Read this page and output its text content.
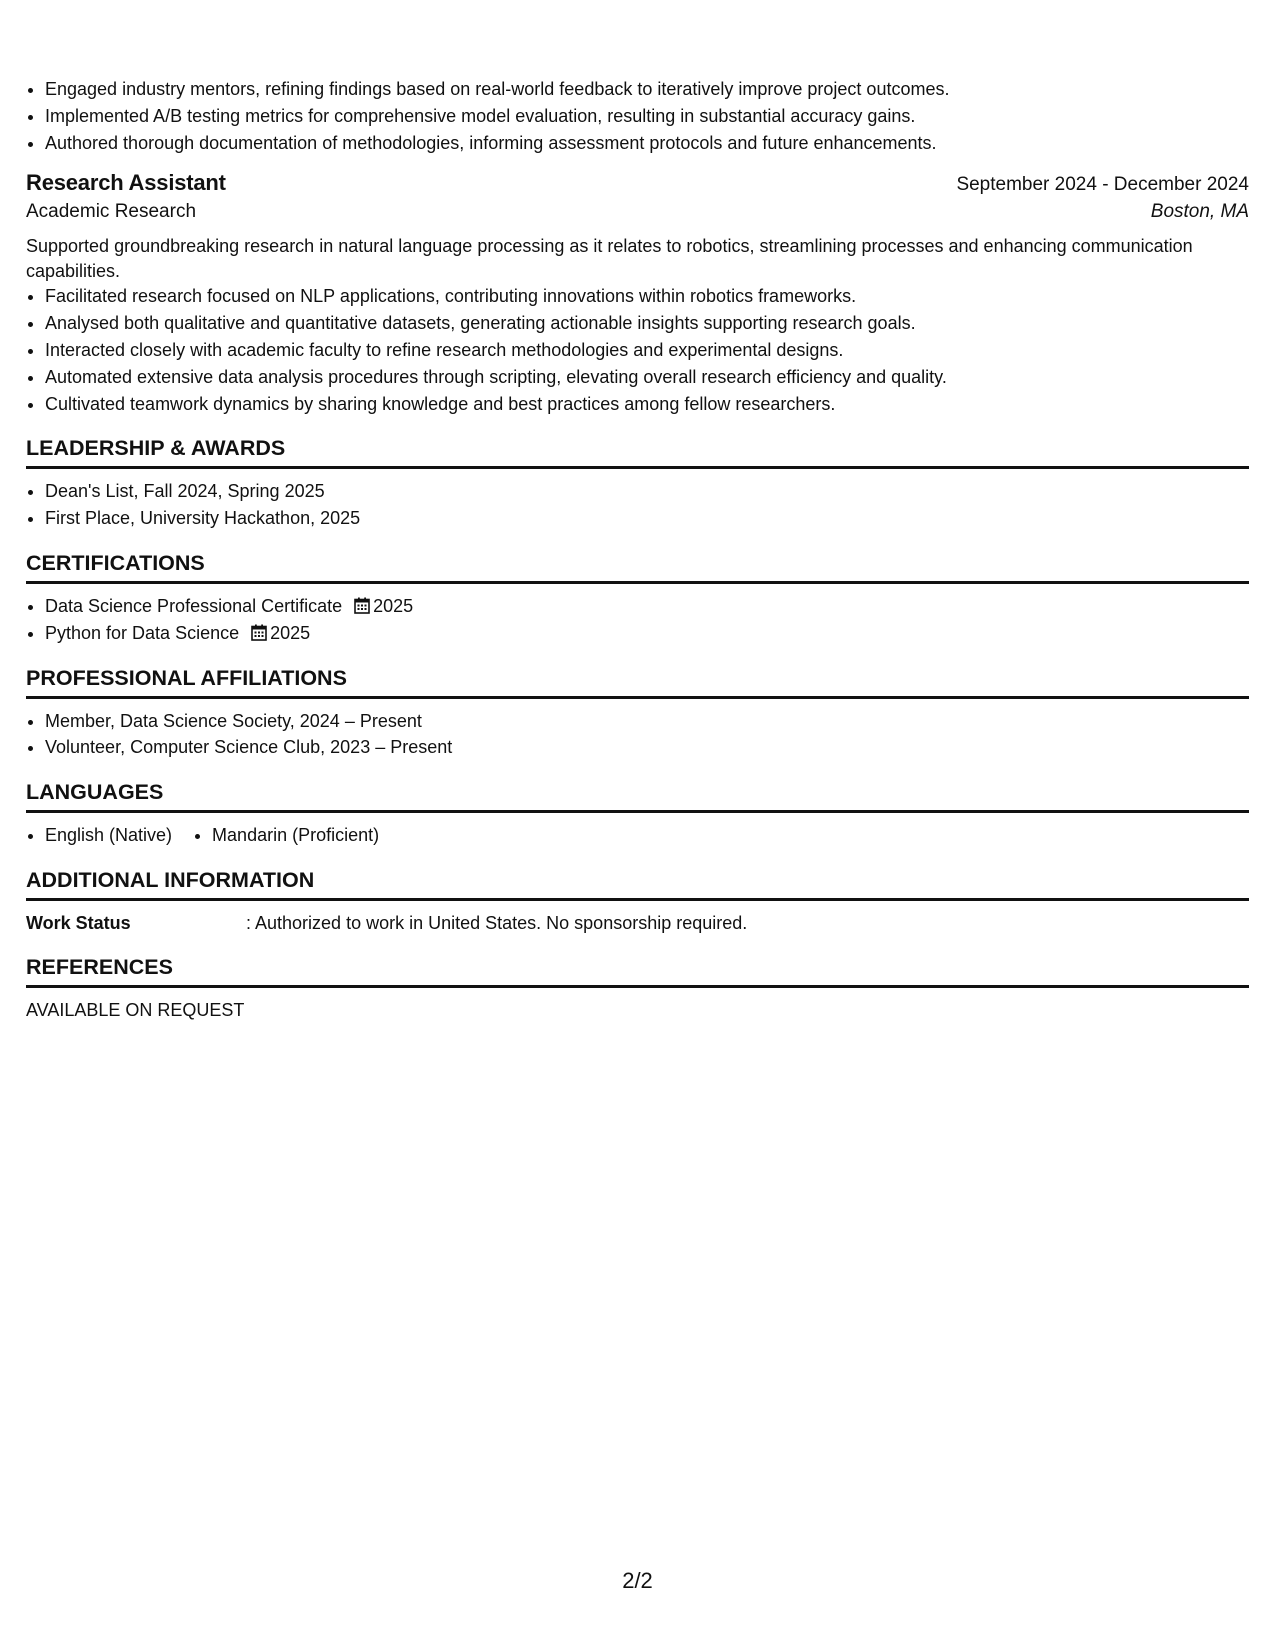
• Engaged industry mentors, refining findings based on real-world feedback to iteratively improve project outcomes.
• Implemented A/B testing metrics for comprehensive model evaluation, resulting in substantial accuracy gains.
• Authored thorough documentation of methodologies, informing assessment protocols and future enhancements.
Research Assistant	September 2024 - December 2024
Academic Research	Boston, MA

Supported groundbreaking research in natural language processing as it relates to robotics, streamlining processes and enhancing communication capabilities.

• Facilitated research focused on NLP applications, contributing innovations within robotics frameworks.
• Analysed both qualitative and quantitative datasets, generating actionable insights supporting research goals.
• Interacted closely with academic faculty to refine research methodologies and experimental designs.
• Automated extensive data analysis procedures through scripting, elevating overall research efficiency and quality.
• Cultivated teamwork dynamics by sharing knowledge and best practices among fellow researchers.
LEADERSHIP & AWARDS
• Dean's List, Fall 2024, Spring 2025
• First Place, University Hackathon, 2025
CERTIFICATIONS
• Data Science Professional Certificate 2025
• Python for Data Science 2025
PROFESSIONAL AFFILIATIONS
• Member, Data Science Society, 2024 – Present
• Volunteer, Computer Science Club, 2023 – Present
LANGUAGES
• English (Native)
• Mandarin (Proficient)
ADDITIONAL INFORMATION
Work Status	: Authorized to work in United States. No sponsorship required.
REFERENCES
AVAILABLE ON REQUEST
2/2
